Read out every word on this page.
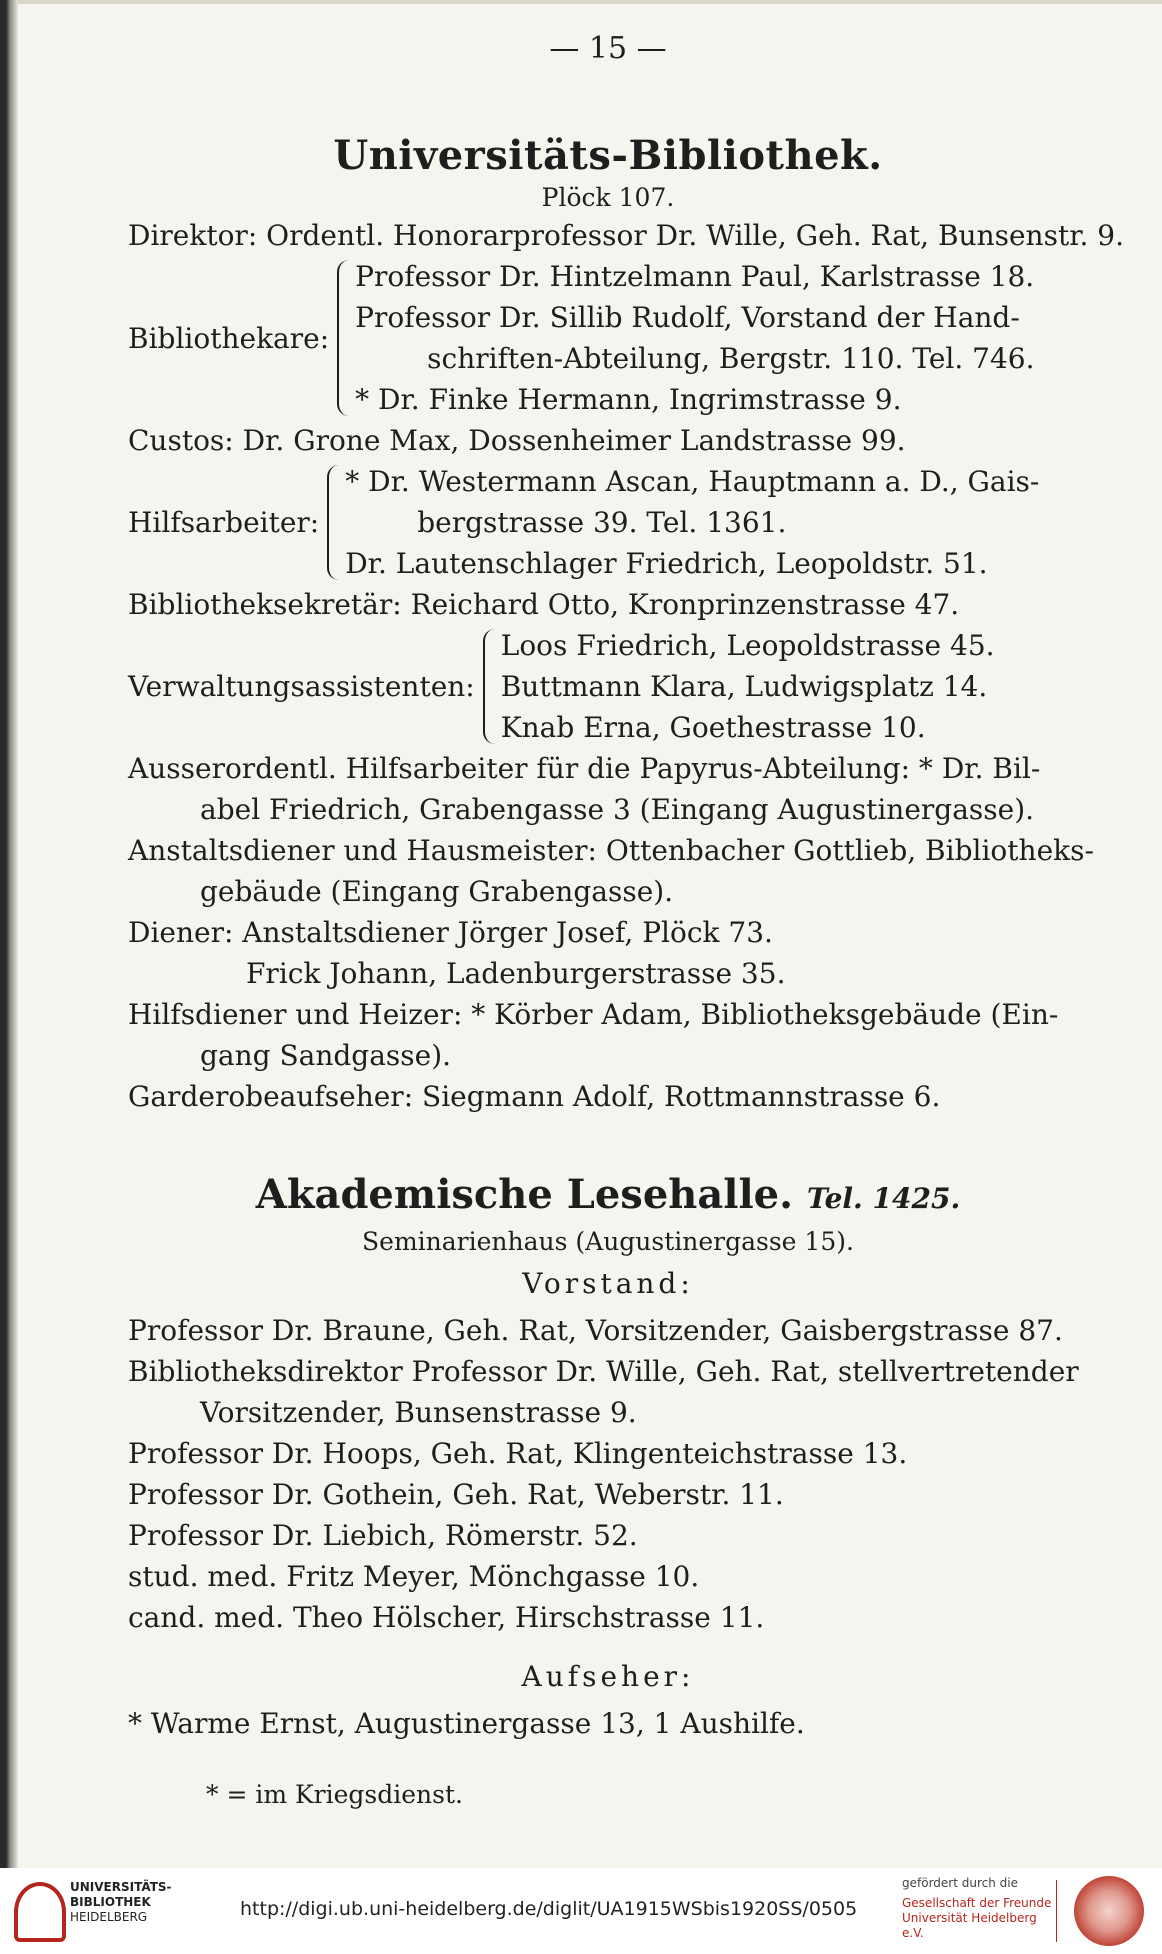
— 15 —
Universitäts-Bibliothek.
Plöck 107.
Direktor: Ordentl. Honorarprofessor Dr. Wille, Geh. Rat, Bunsenstr. 9.
Bibliothekare:
Professor Dr. Hintzelmann Paul, Karlstrasse 18.
Professor Dr. Sillib Rudolf, Vorstand der Hand-
schriften-Abteilung, Bergstr. 110. Tel. 746.
* Dr. Finke Hermann, Ingrimstrasse 9.
Custos: Dr. Grone Max, Dossenheimer Landstrasse 99.
Hilfsarbeiter:
* Dr. Westermann Ascan, Hauptmann a. D., Gais-
bergstrasse 39. Tel. 1361.
Dr. Lautenschlager Friedrich, Leopoldstr. 51.
Bibliotheksekretär: Reichard Otto, Kronprinzenstrasse 47.
Verwaltungsassistenten:
Loos Friedrich, Leopoldstrasse 45.
Buttmann Klara, Ludwigsplatz 14.
Knab Erna, Goethestrasse 10.
Ausserordentl. Hilfsarbeiter für die Papyrus-Abteilung: * Dr. Bil-
abel Friedrich, Grabengasse 3 (Eingang Augustinergasse).
Anstaltsdiener und Hausmeister: Ottenbacher Gottlieb, Bibliotheks-
gebäude (Eingang Grabengasse).
Diener: Anstaltsdiener Jörger Josef, Plöck 73.
Frick Johann, Ladenburgerstrasse 35.
Hilfsdiener und Heizer: * Körber Adam, Bibliotheksgebäude (Ein-
gang Sandgasse).
Garderobeaufseher: Siegmann Adolf, Rottmannstrasse 6.
Akademische Lesehalle. Tel. 1425.
Seminarienhaus (Augustinergasse 15).
Vorstand:
Professor Dr. Braune, Geh. Rat, Vorsitzender, Gaisbergstrasse 87.
Bibliotheksdirektor Professor Dr. Wille, Geh. Rat, stellvertretender
Vorsitzender, Bunsenstrasse 9.
Professor Dr. Hoops, Geh. Rat, Klingenteichstrasse 13.
Professor Dr. Gothein, Geh. Rat, Weberstr. 11.
Professor Dr. Liebich, Römerstr. 52.
stud. med. Fritz Meyer, Mönchgasse 10.
cand. med. Theo Hölscher, Hirschstrasse 11.
Aufseher:
* Warme Ernst, Augustinergasse 13, 1 Aushilfe.
* = im Kriegsdienst.
UNIVERSITÄTS-
BIBLIOTHEK
HEIDELBERG	http://digi.ub.uni-heidelberg.de/diglit/UA1915WSbis1920SS/0505
gefördert durch die
Gesellschaft der Freunde
Universität Heidelberg e.V.
